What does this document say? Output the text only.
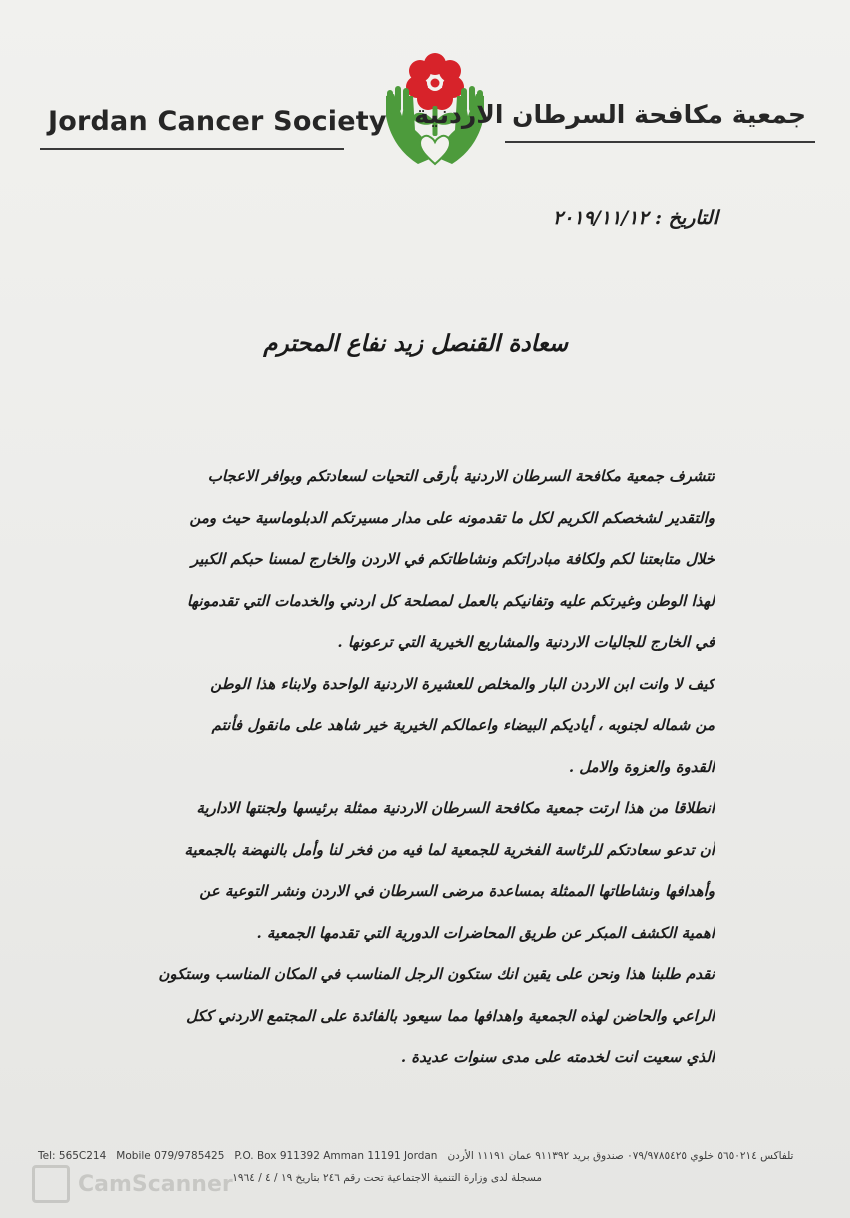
Jordan Cancer Society جمعية مكافحة السرطان الاردنية
التاريخ : ٢٠١٩/١١/١٢
سعادة القنصل زيد نفاع المحترم
تتشرف جمعية مكافحة السرطان الاردنية بأرقى التحيات لسعادتكم وبوافر الاعجاب
والتقدير لشخصكم الكريم لكل ما تقدمونه على مدار مسيرتكم الدبلوماسية حيث ومن
خلال متابعتنا لكم ولكافة مبادراتكم ونشاطاتكم في الاردن والخارج لمسنا حبكم الكبير
لهذا الوطن وغيرتكم عليه وتفانيكم بالعمل لمصلحة كل اردني والخدمات التي تقدمونها
في الخارج للجاليات الاردنية والمشاريع الخيرية التي ترعونها .
كيف لا وانت ابن الاردن البار والمخلص للعشيرة الاردنية الواحدة ولابناء هذا الوطن
من شماله لجنوبه ، أياديكم البيضاء واعمالكم الخيرية خير شاهد على مانقول فأنتم
القدوة والعزوة والامل .
انطلاقا من هذا ارتت جمعية مكافحة السرطان الاردنية ممثلة برئيسها ولجنتها الادارية
أن تدعو سعادتكم للرئاسة الفخرية للجمعية لما فيه من فخر لنا وأمل بالنهضة بالجمعية
وأهدافها ونشاطاتها الممثلة بمساعدة مرضى السرطان في الاردن ونشر التوعية عن
اهمية الكشف المبكر عن طريق المحاضرات الدورية التي تقدمها الجمعية .
نقدم طلبنا هذا ونحن على يقين انك ستكون الرجل المناسب في المكان المناسب وستكون
الراعي والحاضن لهذه الجمعية واهدافها مما سيعود بالفائدة على المجتمع الاردني ككل
الذي سعيت انت لخدمته على مدى سنوات عديدة .
CamScanner
Tel: 565C214 Mobile 079/9785425 P.O. Box 911392 Amman 11191 Jordan تلفاكس ٥٦٥٠٢١٤ خلوي ٠٧٩/٩٧٨٥٤٢٥ صندوق بريد ٩١١٣٩٢ عمان ١١١٩١ الأردن
مسجلة لدى وزارة التنمية الاجتماعية تحت رقم ٢٤٦ بتاريخ ١٩ / ٤ / ١٩٦٤
